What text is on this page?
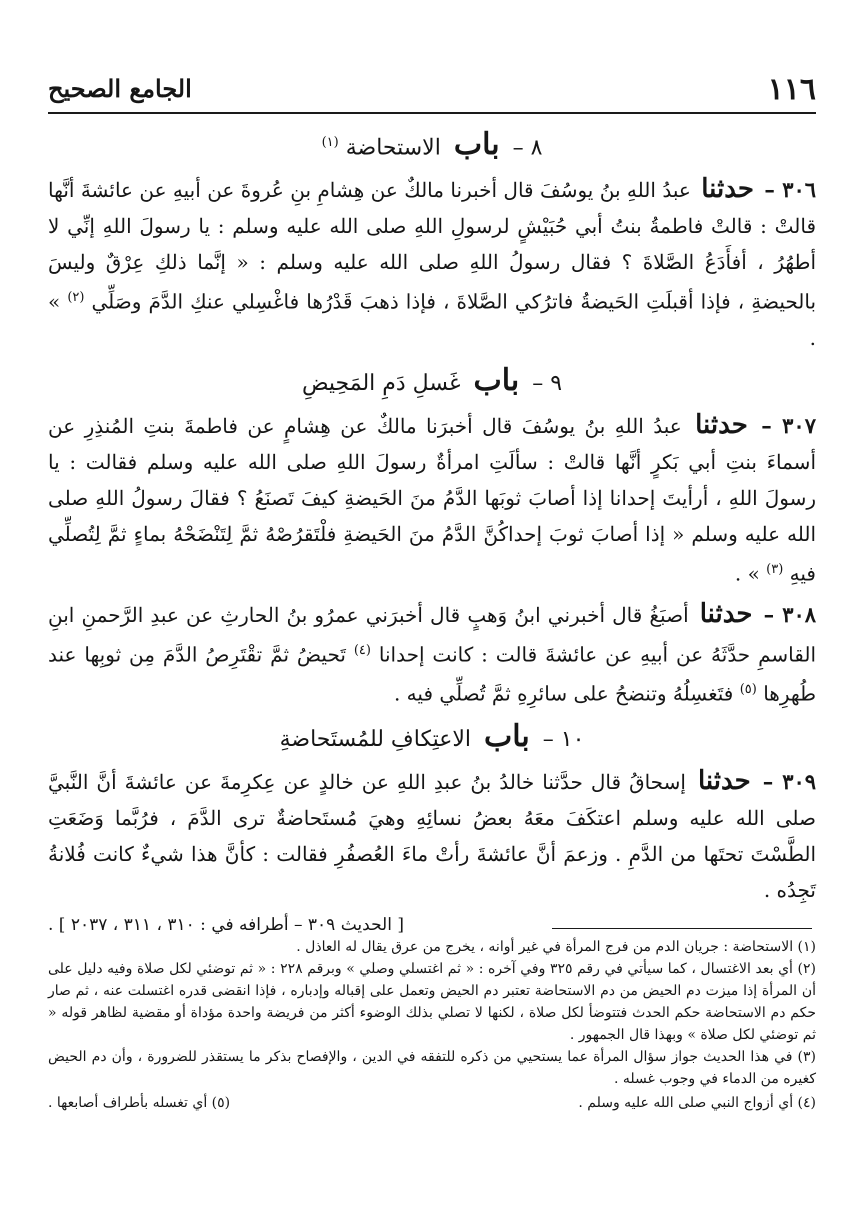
١١٦
الجامع الصحيح
٨ – باب الاستحاضة $^{(١)}$

٣٠٦ – حدثنا عبدُ اللهِ بنُ يوسُفَ قال أخبرنا مالكٌ عن هِشامِ بنِ عُروةَ عن أبيهِ عن عائشةَ أنَّها قالتْ : قالتْ فاطمةُ بنتُ أبي حُبَيْشٍ لرسولِ اللهِ صلى الله عليه وسلم : يا رسولَ اللهِ إنِّي لا أطهُرُ ، أفأَدَعُ الصَّلاةَ ؟ فقال رسولُ اللهِ صلى الله عليه وسلم : « إنَّما ذلكِ عِرْقٌ وليسَ بالحيضةِ ، فإذا أقبلَتِ الحَيضةُ فاترُكي الصَّلاةَ ، فإذا ذهبَ قَدْرُها فاغْسِلي عنكِ الدَّمَ وصَلِّي $^{(٢)}$ » .

٩ – باب غَسلِ دَمِ المَحِيضِ

٣٠٧ – حدثنا عبدُ اللهِ بنُ يوسُفَ قال أخبرَنا مالكٌ عن هِشامٍ عن فاطمةَ بنتِ المُنذِرِ عن أسماءَ بنتِ أبي بَكرٍ أنَّها قالتْ : سألَتِ امرأةٌ رسولَ اللهِ صلى الله عليه وسلم فقالت : يا رسولَ اللهِ ، أرأيتَ إحدانا إذا أصابَ ثوبَها الدَّمُ منَ الحَيضةِ كيفَ تَصنَعُ ؟ فقالَ رسولُ اللهِ صلى الله عليه وسلم « إذا أصابَ ثوبَ إحداكُنَّ الدَّمُ منَ الحَيضةِ فلْتَقرُصْهُ ثمَّ لِتَنْضَحْهُ بماءٍ ثمَّ لِتُصلِّي فيهِ $^{(٣)}$ » .

٣٠٨ – حدثنا أصبَغُ قال أخبرني ابنُ وَهبٍ قال أخبرَني عمرُو بنُ الحارثِ عن عبدِ الرَّحمنِ ابنِ القاسمِ حدَّثَهُ عن أبيهِ عن عائشةَ قالت : كانت إحدانا $^{(٤)}$ تَحيضُ ثمَّ تقْتَرِصُ الدَّمَ مِن ثوبِها عند طُهرِها $^{(٥)}$ فتَغسِلُهُ وتنضحُ على سائرِهِ ثمَّ تُصلِّي فيه .

١٠ – باب الاعتِكافِ للمُستَحاضةِ

٣٠٩ – حدثنا إسحاقُ قال حدَّثنا خالدُ بنُ عبدِ اللهِ عن خالدٍ عن عِكرِمةَ عن عائشةَ أنَّ النَّبيَّ صلى الله عليه وسلم اعتكَفَ معَهُ بعضُ نسائِهِ وهيَ مُستَحاضةٌ ترى الدَّمَ ، فرُبَّما وَضَعَتِ الطَّسْتَ تحتَها من الدَّمِ . وزعمَ أنَّ عائشةَ رأتْ ماءَ العُصفُرِ فقالت : كأنَّ هذا شيءٌ كانت فُلانةُ تَجِدُه .

[ الحديث ٣٠٩ – أطرافه في : ٣١٠ ، ٣١١ ، ٢٠٣٧ ] .

(١) الاستحاضة : جريان الدم من فرج المرأة في غير أوانه ، يخرج من عرق يقال له العاذل .

(٢) أي بعد الاغتسال ، كما سيأتي في رقم ٣٢٥ وفي آخره : « ثم اغتسلي وصلي » وبرقم ٢٢٨ : « ثم توضئي لكل صلاة وفيه دليل على أن المرأة إذا ميزت دم الحيض من دم الاستحاضة تعتبر دم الحيض وتعمل على إقباله وإدباره ، فإذا انقضى قدره اغتسلت عنه ، ثم صار حكم دم الاستحاضة حكم الحدث فتتوضأ لكل صلاة ، لكنها لا تصلي بذلك الوضوء أكثر من فريضة واحدة مؤداة أو مقضية لظاهر قوله « ثم توضئي لكل صلاة » وبهذا قال الجمهور .

(٣) في هذا الحديث جواز سؤال المرأة عما يستحيي من ذكره للتفقه في الدين ، والإفصاح بذكر ما يستقذر للضرورة ، وأن دم الحيض كغيره من الدماء في وجوب غسله .

(٤) أي أزواج النبي صلى الله عليه وسلم .
(٥) أي تغسله بأطراف أصابعها .
